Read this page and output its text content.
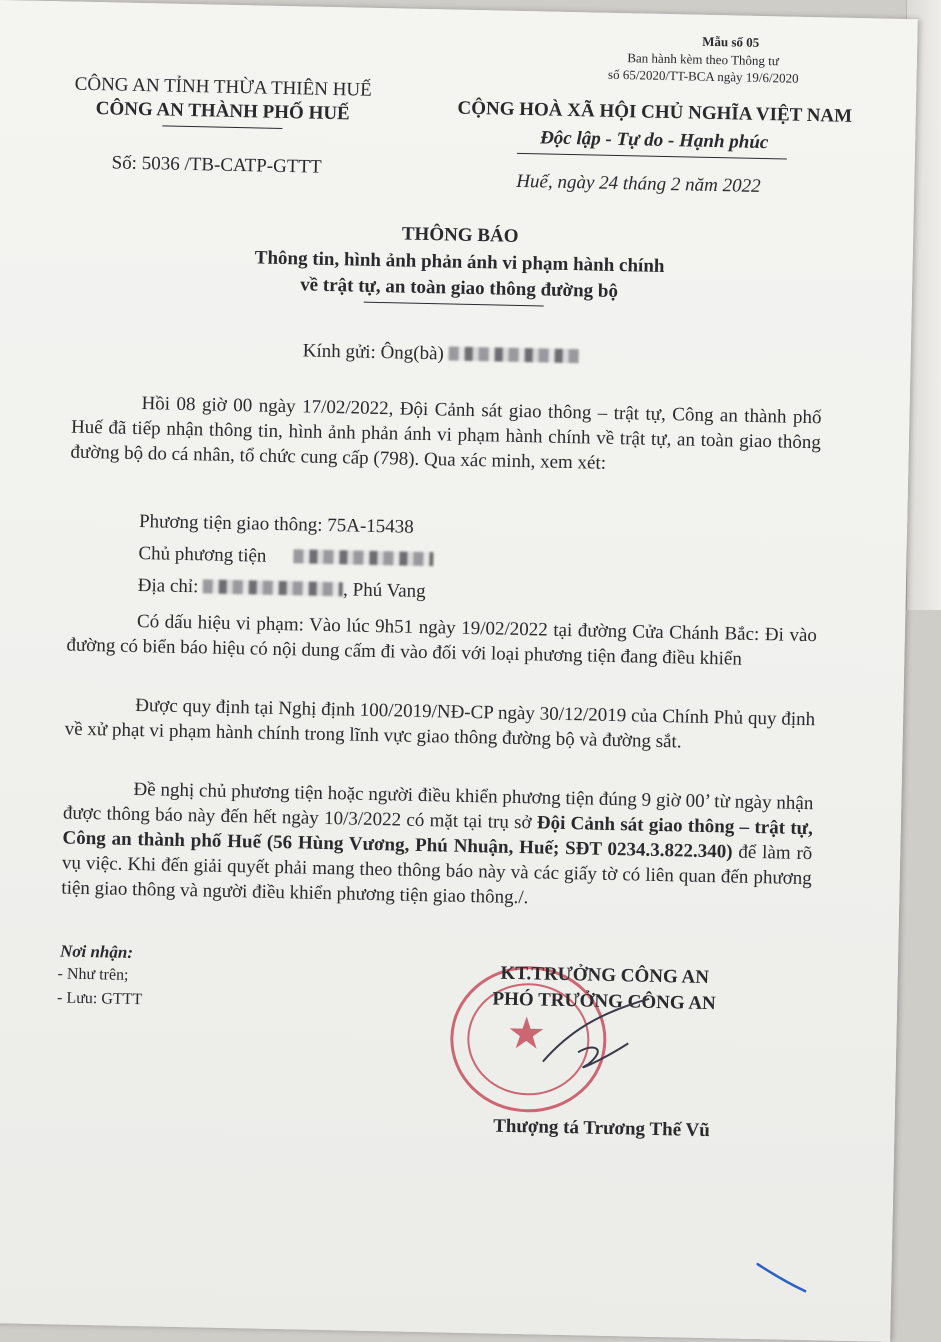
Mẫu số 05
Ban hành kèm theo Thông tư
số 65/2020/TT-BCA ngày 19/6/2020
CÔNG AN TỈNH THỪA THIÊN HUẾ
CÔNG AN THÀNH PHỐ HUẾ
Số: 5036 /TB-CATP-GTTT
CỘNG HOÀ XÃ HỘI CHỦ NGHĨA VIỆT NAM
Độc lập - Tự do - Hạnh phúc
Huế, ngày 24 tháng 2 năm 2022
THÔNG BÁO
Thông tin, hình ảnh phản ánh vi phạm hành chính
về trật tự, an toàn giao thông đường bộ
Kính gửi: Ông(bà)
Hồi 08 giờ 00 ngày 17/02/2022, Đội Cảnh sát giao thông – trật tự, Công an thành phố Huế đã tiếp nhận thông tin, hình ảnh phản ánh vi phạm hành chính về trật tự, an toàn giao thông đường bộ do cá nhân, tổ chức cung cấp (798). Qua xác minh, xem xét:
Phương tiện giao thông: 75A-15438
Chủ phương tiện
Địa chỉ:	, Phú Vang
Có dấu hiệu vi phạm: Vào lúc 9h51 ngày 19/02/2022 tại đường Cửa Chánh Bắc: Đi vào đường có biển báo hiệu có nội dung cấm đi vào đối với loại phương tiện đang điều khiển
Được quy định tại Nghị định 100/2019/NĐ-CP ngày 30/12/2019 của Chính Phủ quy định về xử phạt vi phạm hành chính trong lĩnh vực giao thông đường bộ và đường sắt.
Đề nghị chủ phương tiện hoặc người điều khiển phương tiện đúng 9 giờ 00’ từ ngày nhận được thông báo này đến hết ngày 10/3/2022 có mặt tại trụ sở Đội Cảnh sát giao thông – trật tự, Công an thành phố Huế (56 Hùng Vương, Phú Nhuận, Huế; SĐT 0234.3.822.340) để làm rõ vụ việc. Khi đến giải quyết phải mang theo thông báo này và các giấy tờ có liên quan đến phương tiện giao thông và người điều khiển phương tiện giao thông./.
Nơi nhận:
- Như trên;
- Lưu: GTTT
★
KT.TRƯỞNG CÔNG AN
PHÓ TRƯỞNG CÔNG AN
Thượng tá Trương Thế Vũ
